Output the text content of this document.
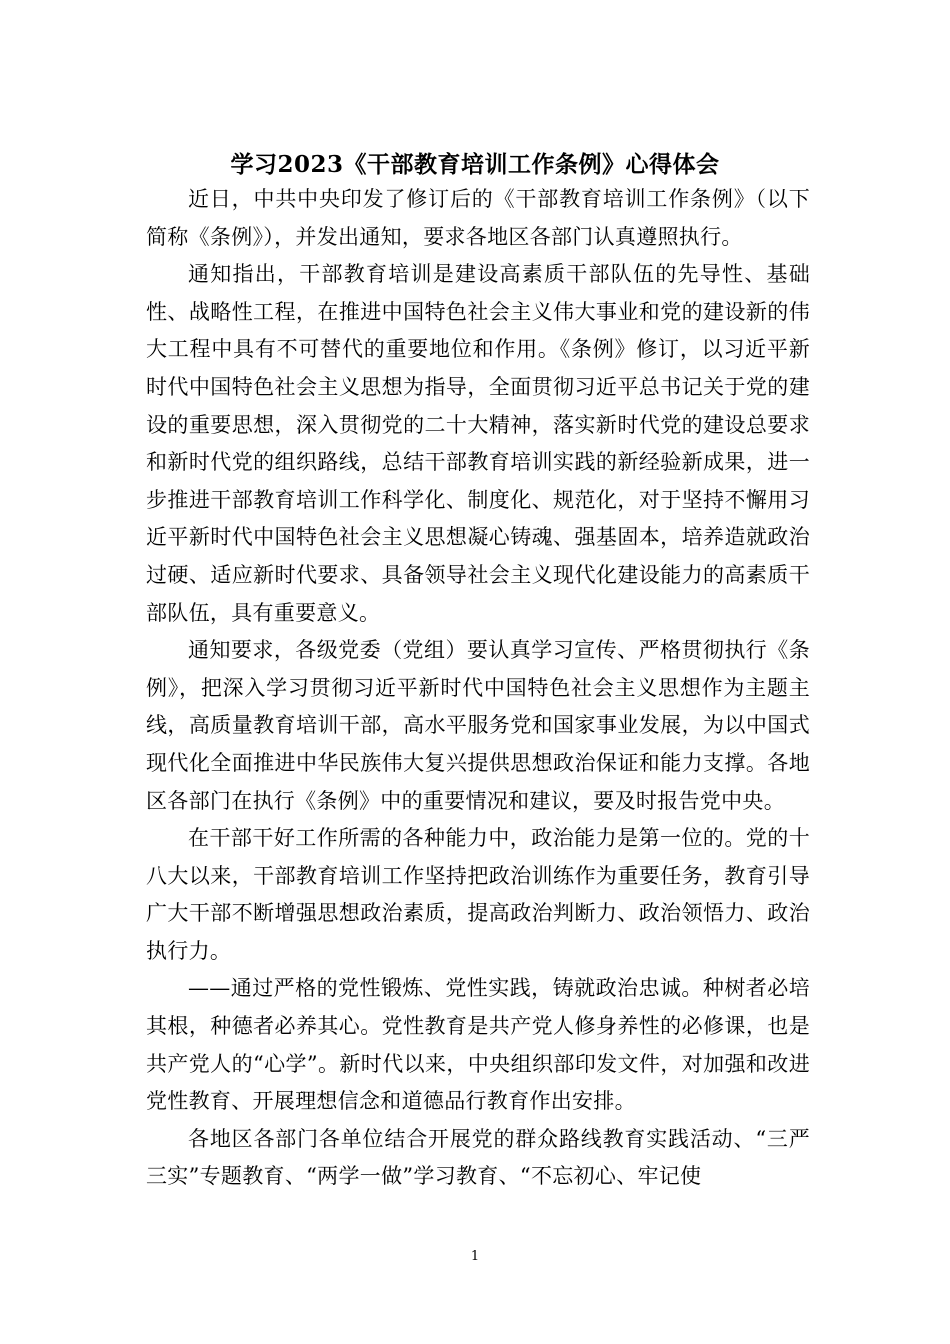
学习2023《干部教育培训工作条例》心得体会

近日，中共中央印发了修订后的《干部教育培训工作条例》（以下简称《条例》），并发出通知，要求各地区各部门认真遵照执行。

通知指出，干部教育培训是建设高素质干部队伍的先导性、基础性、战略性工程，在推进中国特色社会主义伟大事业和党的建设新的伟大工程中具有不可替代的重要地位和作用。《条例》修订，以习近平新时代中国特色社会主义思想为指导，全面贯彻习近平总书记关于党的建设的重要思想，深入贯彻党的二十大精神，落实新时代党的建设总要求和新时代党的组织路线，总结干部教育培训实践的新经验新成果，进一步推进干部教育培训工作科学化、制度化、规范化，对于坚持不懈用习近平新时代中国特色社会主义思想凝心铸魂、强基固本，培养造就政治过硬、适应新时代要求、具备领导社会主义现代化建设能力的高素质干部队伍，具有重要意义。

通知要求，各级党委（党组）要认真学习宣传、严格贯彻执行《条例》，把深入学习贯彻习近平新时代中国特色社会主义思想作为主题主线，高质量教育培训干部，高水平服务党和国家事业发展，为以中国式现代化全面推进中华民族伟大复兴提供思想政治保证和能力支撑。各地区各部门在执行《条例》中的重要情况和建议，要及时报告党中央。

在干部干好工作所需的各种能力中，政治能力是第一位的。党的十八大以来，干部教育培训工作坚持把政治训练作为重要任务，教育引导广大干部不断增强思想政治素质，提高政治判断力、政治领悟力、政治执行力。

——通过严格的党性锻炼、党性实践，铸就政治忠诚。种树者必培其根，种德者必养其心。党性教育是共产党人修身养性的必修课，也是共产党人的“心学”。新时代以来，中央组织部印发文件，对加强和改进党性教育、开展理想信念和道德品行教育作出安排。

各地区各部门各单位结合开展党的群众路线教育实践活动、“三严三实”专题教育、“两学一做”学习教育、“不忘初心、牢记使

1
